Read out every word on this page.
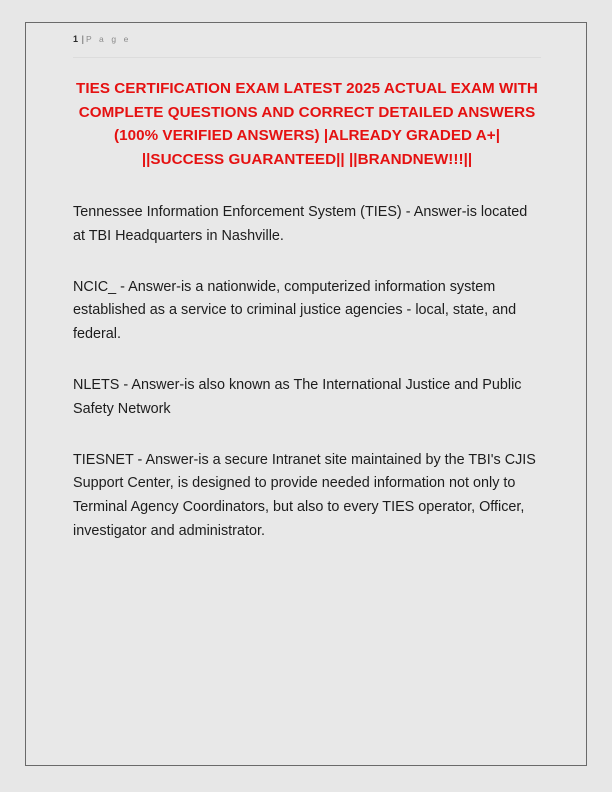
1 | P a g e
TIES CERTIFICATION EXAM LATEST 2025 ACTUAL EXAM WITH COMPLETE QUESTIONS AND CORRECT DETAILED ANSWERS (100% VERIFIED ANSWERS) |ALREADY GRADED A+| ||SUCCESS GUARANTEED|| ||BRANDNEW!!!||
Tennessee Information Enforcement System (TIES) - Answer-is located at TBI Headquarters in Nashville.
NCIC_ - Answer-is a nationwide, computerized information system established as a service to criminal justice agencies - local, state, and federal.
NLETS - Answer-is also known as The International Justice and Public Safety Network
TIESNET - Answer-is a secure Intranet site maintained by the TBI's CJIS Support Center, is designed to provide needed information not only to Terminal Agency Coordinators, but also to every TIES operator, Officer, investigator and administrator.
